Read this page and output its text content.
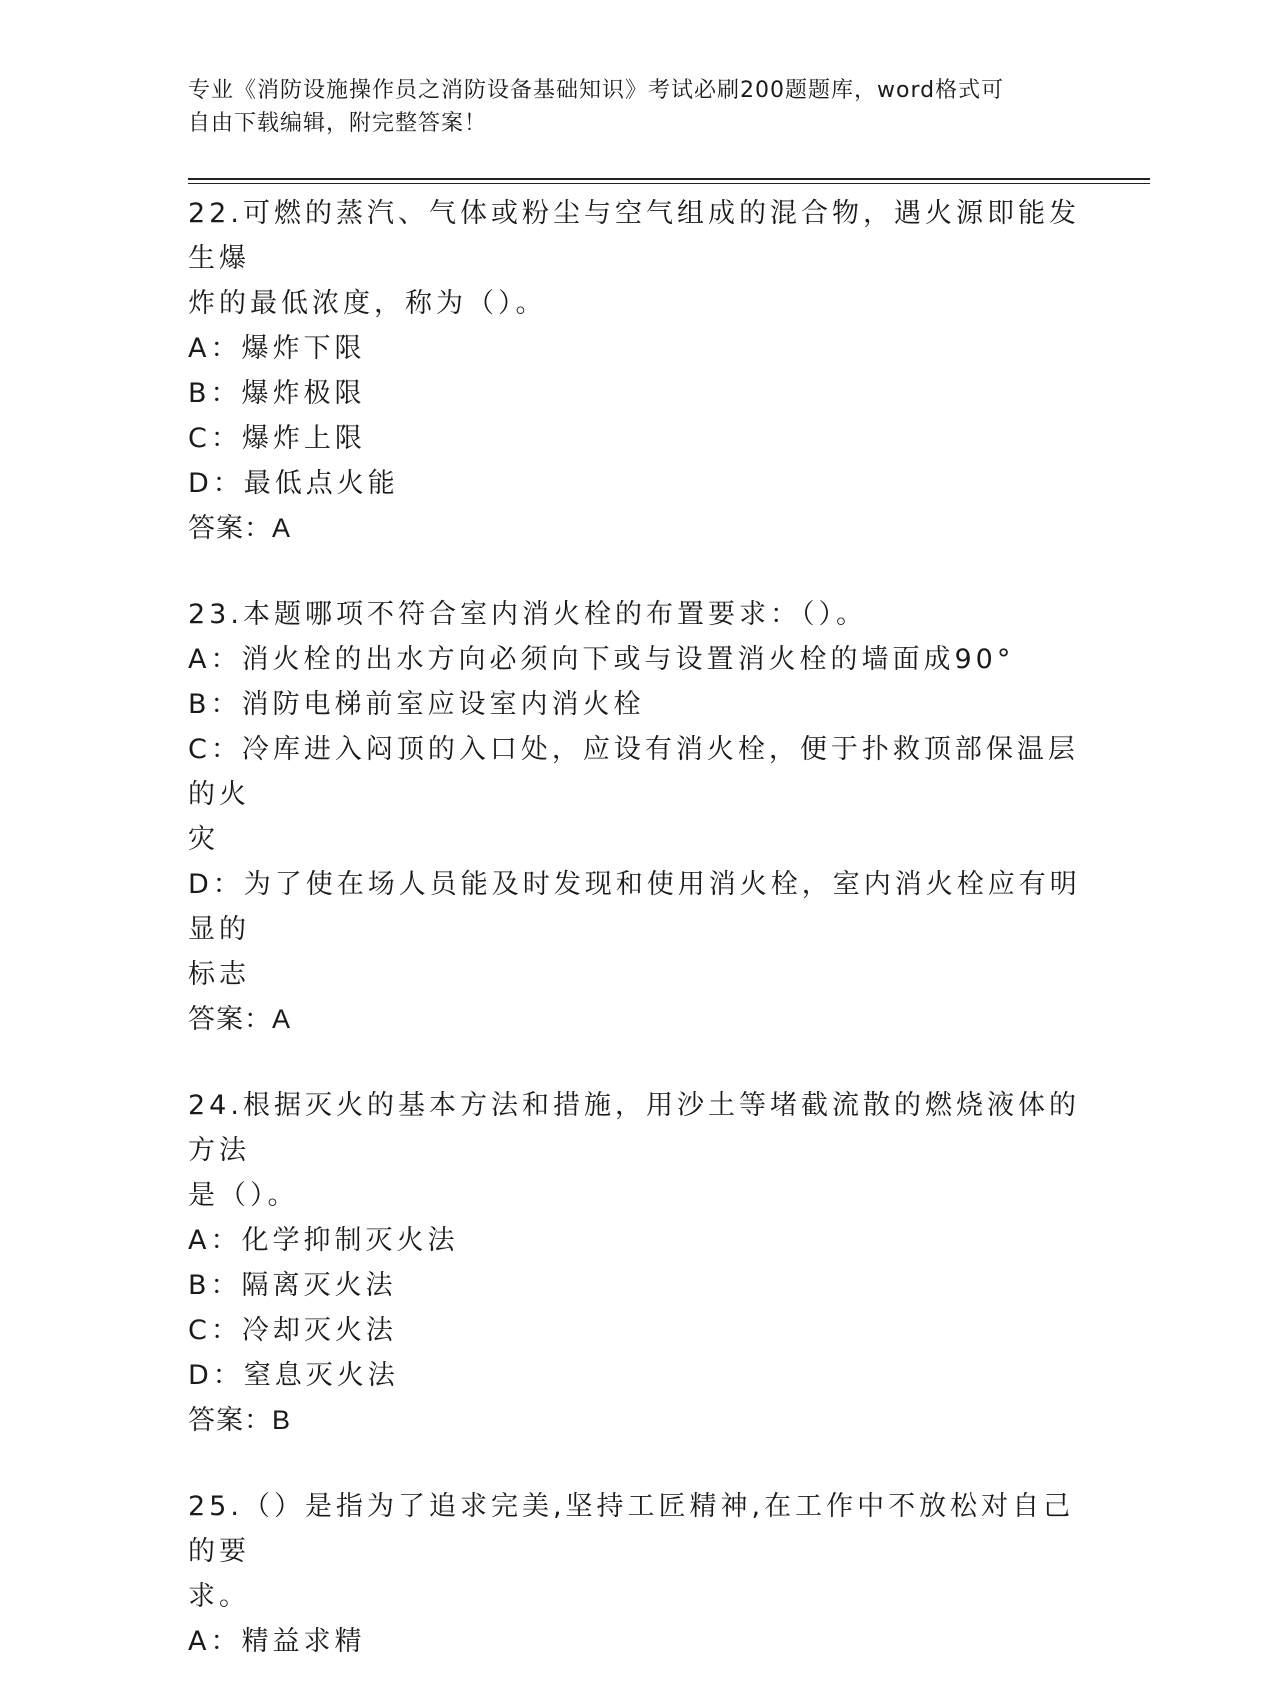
专业《消防设施操作员之消防设备基础知识》考试必刷200题题库，word格式可
自由下载编辑，附完整答案！
22.可燃的蒸汽、气体或粉尘与空气组成的混合物，遇火源即能发生爆
炸的最低浓度，称为（）。
A：爆炸下限
B：爆炸极限
C：爆炸上限
D：最低点火能
答案：A
23.本题哪项不符合室内消火栓的布置要求：（）。
A：消火栓的出水方向必须向下或与设置消火栓的墙面成90°
B：消防电梯前室应设室内消火栓
C：冷库进入闷顶的入口处，应设有消火栓，便于扑救顶部保温层的火
灾
D：为了使在场人员能及时发现和使用消火栓，室内消火栓应有明显的
标志
答案：A
24.根据灭火的基本方法和措施，用沙土等堵截流散的燃烧液体的方法
是（）。
A：化学抑制灭火法
B：隔离灭火法
C：冷却灭火法
D：窒息灭火法
答案：B
25.（）是指为了追求完美,坚持工匠精神,在工作中不放松对自己的要
求。
A：精益求精
